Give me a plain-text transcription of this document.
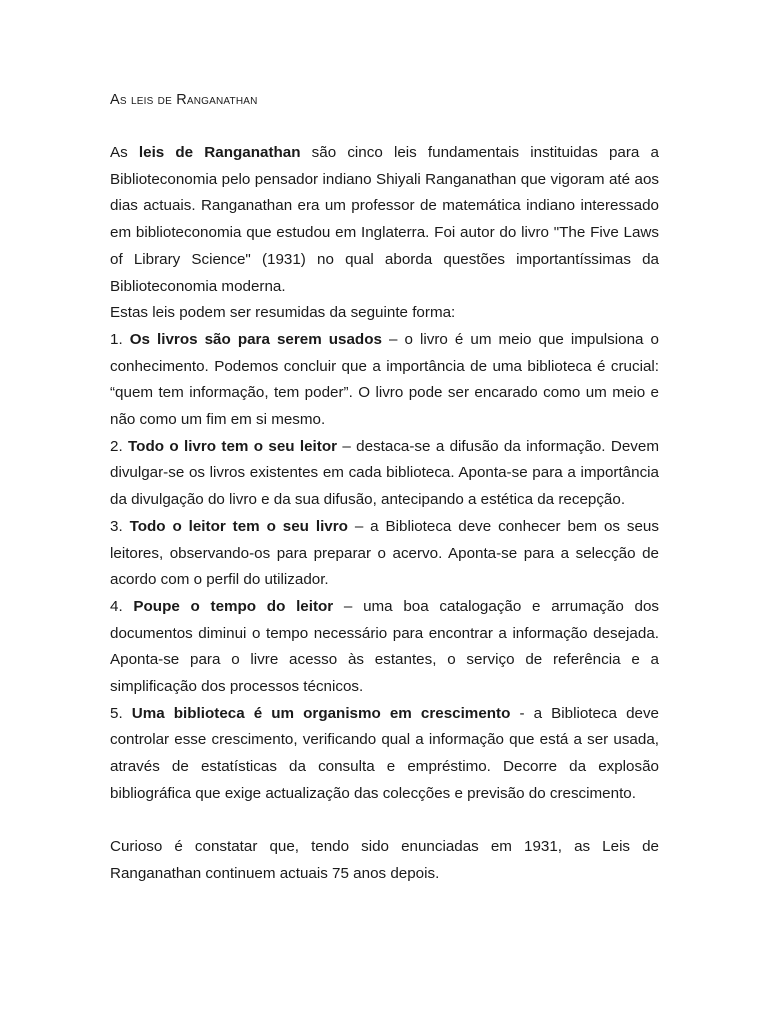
As leis de Ranganathan

As leis de Ranganathan são cinco leis fundamentais instituidas para a Biblioteconomia pelo pensador indiano Shiyali Ranganathan que vigoram até aos dias actuais. Ranganathan era um professor de matemática indiano interessado em biblioteconomia que estudou em Inglaterra. Foi autor do livro "The Five Laws of Library Science" (1931) no qual aborda questões importantíssimas da Biblioteconomia moderna.

Estas leis podem ser resumidas da seguinte forma:

1. Os livros são para serem usados – o livro é um meio que impulsiona o conhecimento. Podemos concluir que a importância de uma biblioteca é crucial: “quem tem informação, tem poder”. O livro pode ser encarado como um meio e não como um fim em si mesmo.

2. Todo o livro tem o seu leitor – destaca-se a difusão da informação. Devem divulgar-se os livros existentes em cada biblioteca. Aponta-se para a importância da divulgação do livro e da sua difusão, antecipando a estética da recepção.

3. Todo o leitor tem o seu livro – a Biblioteca deve conhecer bem os seus leitores, observando-os para preparar o acervo. Aponta-se para a selecção de acordo com o perfil do utilizador.

4. Poupe o tempo do leitor – uma boa catalogação e arrumação dos documentos diminui o tempo necessário para encontrar a informação desejada. Aponta-se para o livre acesso às estantes, o serviço de referência e a simplificação dos processos técnicos.

5. Uma biblioteca é um organismo em crescimento - a Biblioteca deve controlar esse crescimento, verificando qual a informação que está a ser usada, através de estatísticas da consulta e empréstimo. Decorre da explosão bibliográfica que exige actualização das colecções e previsão do crescimento.

Curioso é constatar que, tendo sido enunciadas em 1931, as Leis de Ranganathan continuem actuais 75 anos depois.
